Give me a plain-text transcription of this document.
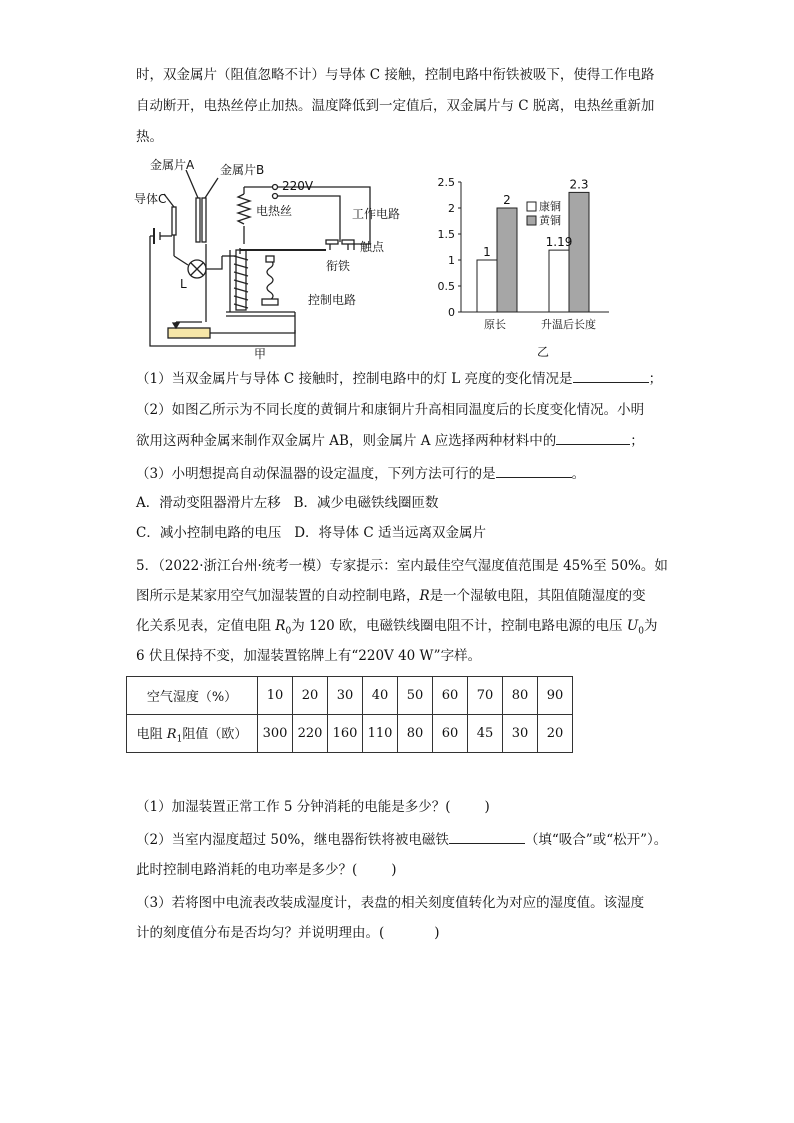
时，双金属片（阻值忽略不计）与导体 C 接触，控制电路中衔铁被吸下，使得工作电路
自动断开，电热丝停止加热。温度降低到一定值后，双金属片与 C 脱离，电热丝重新加
热。
金属片A 金属片B
导体C
220V
电热丝	工作电路
触点
衔铁
L
控制电路
甲
0
0.5
1
1.5
2
2.5
1
2
1.19
2.3
康铜
黄铜
原长	升温后长度
乙
（1）当双金属片与导体 C 接触时，控制电路中的灯 L 亮度的变化情况是	；
（2）如图乙所示为不同长度的黄铜片和康铜片升高相同温度后的长度变化情况。小明
欲用这两种金属来制作双金属片 AB，则金属片 A 应选择两种材料中的	；
（3）小明想提高自动保温器的设定温度，下列方法可行的是	。
A．滑动变阻器滑片左移 B．减少电磁铁线圈匝数
C．减小控制电路的电压 D．将导体 C 适当远离双金属片
5．（2022·浙江台州·统考一模）专家提示：室内最佳空气湿度值范围是 45%至 50%。如
图所示是某家用空气加湿装置的自动控制电路，R是一个湿敏电阻，其阻值随湿度的变
化关系见表，定值电阻 $R_0$为 120 欧，电磁铁线圈电阻不计，控制电路电源的电压 $U_0$为
6 伏且保持不变，加湿装置铭牌上有“220V 40 W”字样。
空气湿度（%）	10	20	30	40	50	60	70	80	90
电阻 $R_1$阻值（欧）	300	220	160	110	80	60	45	30	20
（1）加湿装置正常工作 5 分钟消耗的电能是多少？(	)
（2）当室内湿度超过 50%，继电器衔铁将被电磁铁	（填“吸合”或“松开”）。
此时控制电路消耗的电功率是多少？(	)
（3）若将图中电流表改装成湿度计，表盘的相关刻度值转化为对应的湿度值。该湿度
计的刻度值分布是否均匀？并说明理由。(	)
